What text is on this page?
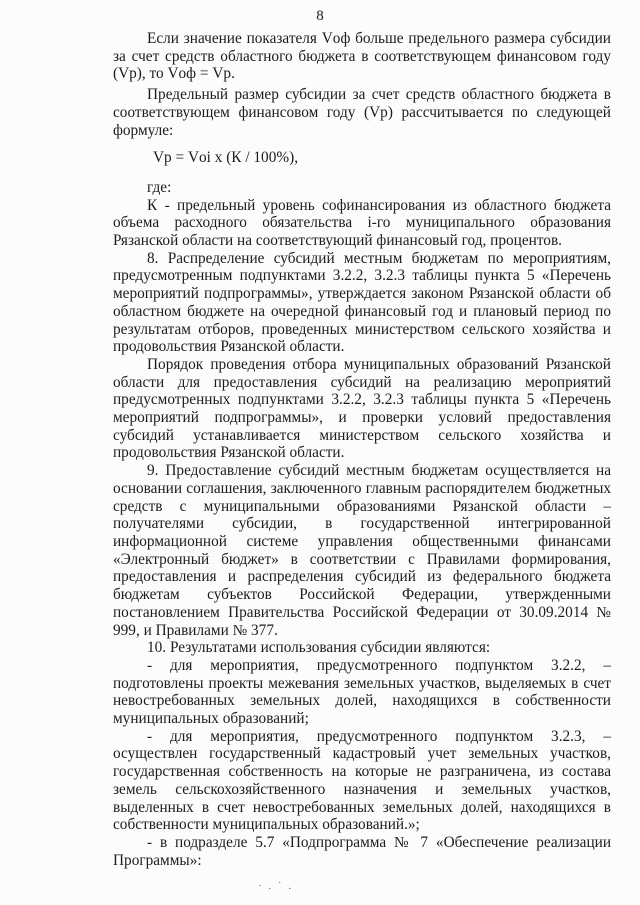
8

Если значение показателя Vоф больше предельного размера субсидии за счет средств областного бюджета в соответствующем финансовом году (Vр), то Vоф = Vр.

Предельный размер субсидии за счет средств областного бюджета в соответствующем финансовом году (Vр) рассчитывается по следующей формуле:

Vр = Vоi х (К / 100%),

где:

К - предельный уровень софинансирования из областного бюджета объема расходного обязательства i-го муниципального образования Рязанской области на соответствующий финансовый год, процентов.

8. Распределение субсидий местным бюджетам по мероприятиям, предусмотренным подпунктами 3.2.2, 3.2.3 таблицы пункта 5 «Перечень мероприятий подпрограммы», утверждается законом Рязанской области об областном бюджете на очередной финансовый год и плановый период по результатам отборов, проведенных министерством сельского хозяйства и продовольствия Рязанской области.

Порядок проведения отбора муниципальных образований Рязанской области для предоставления субсидий на реализацию мероприятий предусмотренных подпунктами 3.2.2, 3.2.3 таблицы пункта 5 «Перечень мероприятий подпрограммы», и проверки условий предоставления субсидий устанавливается министерством сельского хозяйства и продовольствия Рязанской области.

9. Предоставление субсидий местным бюджетам осуществляется на основании соглашения, заключенного главным распорядителем бюджетных средств с муниципальными образованиями Рязанской области – получателями субсидии, в государственной интегрированной информационной системе управления общественными финансами «Электронный бюджет» в соответствии с Правилами формирования, предоставления и распределения субсидий из федерального бюджета бюджетам субъектов Российской Федерации, утвержденными постановлением Правительства Российской Федерации от 30.09.2014 № 999, и Правилами № 377.

10. Результатами использования субсидии являются:

- для мероприятия, предусмотренного подпунктом 3.2.2, – подготовлены проекты межевания земельных участков, выделяемых в счет невостребованных земельных долей, находящихся в собственности муниципальных образований;

- для мероприятия, предусмотренного подпунктом 3.2.3, – осуществлен государственный кадастровый учет земельных участков, государственная собственность на которые не разграничена, из состава земель сельскохозяйственного назначения и земельных участков, выделенных в счет невостребованных земельных долей, находящихся в собственности муниципальных образований.»;

- в подразделе 5.7 «Подпрограмма № 7 «Обеспечение реализации Программы»:

· . ˙ .
